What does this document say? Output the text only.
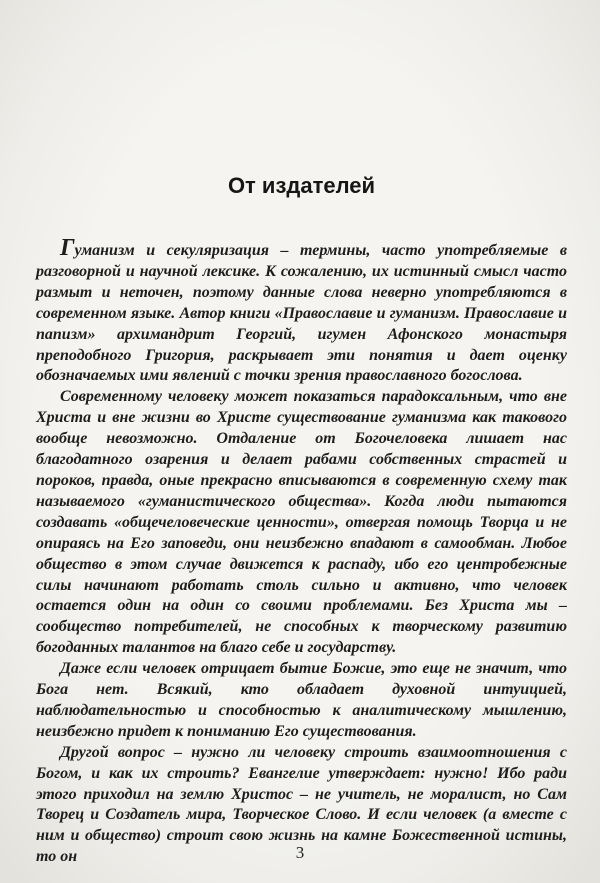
От издателей

Гуманизм и секуляризация – термины, часто употребляемые в разговорной и научной лексике. К сожалению, их истинный смысл часто размыт и неточен, поэтому данные слова неверно употребляются в современном языке. Автор книги «Православие и гуманизм. Православие и папизм» архимандрит Георгий, игумен Афонского монастыря преподобного Григория, раскрывает эти понятия и дает оценку обозначаемых ими явлений с точки зрения православного богослова.

Современному человеку может показаться парадоксальным, что вне Христа и вне жизни во Христе существование гуманизма как такового вообще невозможно. Отдаление от Богочеловека лишает нас благодатного озарения и делает рабами собственных страстей и пороков, правда, оные прекрасно вписываются в современную схему так называемого «гуманистического общества». Когда люди пытаются создавать «общечеловеческие ценности», отвергая помощь Творца и не опираясь на Его заповеди, они неизбежно впадают в самообман. Любое общество в этом случае движется к распаду, ибо его центробежные силы начинают работать столь сильно и активно, что человек остается один на один со своими проблемами. Без Христа мы – сообщество потребителей, не способных к творческому развитию богоданных талантов на благо себе и государству.

Даже если человек отрицает бытие Божие, это еще не значит, что Бога нет. Всякий, кто обладает духовной интуицией, наблюдательностью и способностью к аналитическому мышлению, неизбежно придет к пониманию Его существования.

Другой вопрос – нужно ли человеку строить взаимоотношения с Богом, и как их строить? Евангелие утверждает: нужно! Ибо ради этого приходил на землю Христос – не учитель, не моралист, но Сам Творец и Создатель мира, Творческое Слово. И если человек (а вместе с ним и общество) строит свою жизнь на камне Божественной истины, то он	3
